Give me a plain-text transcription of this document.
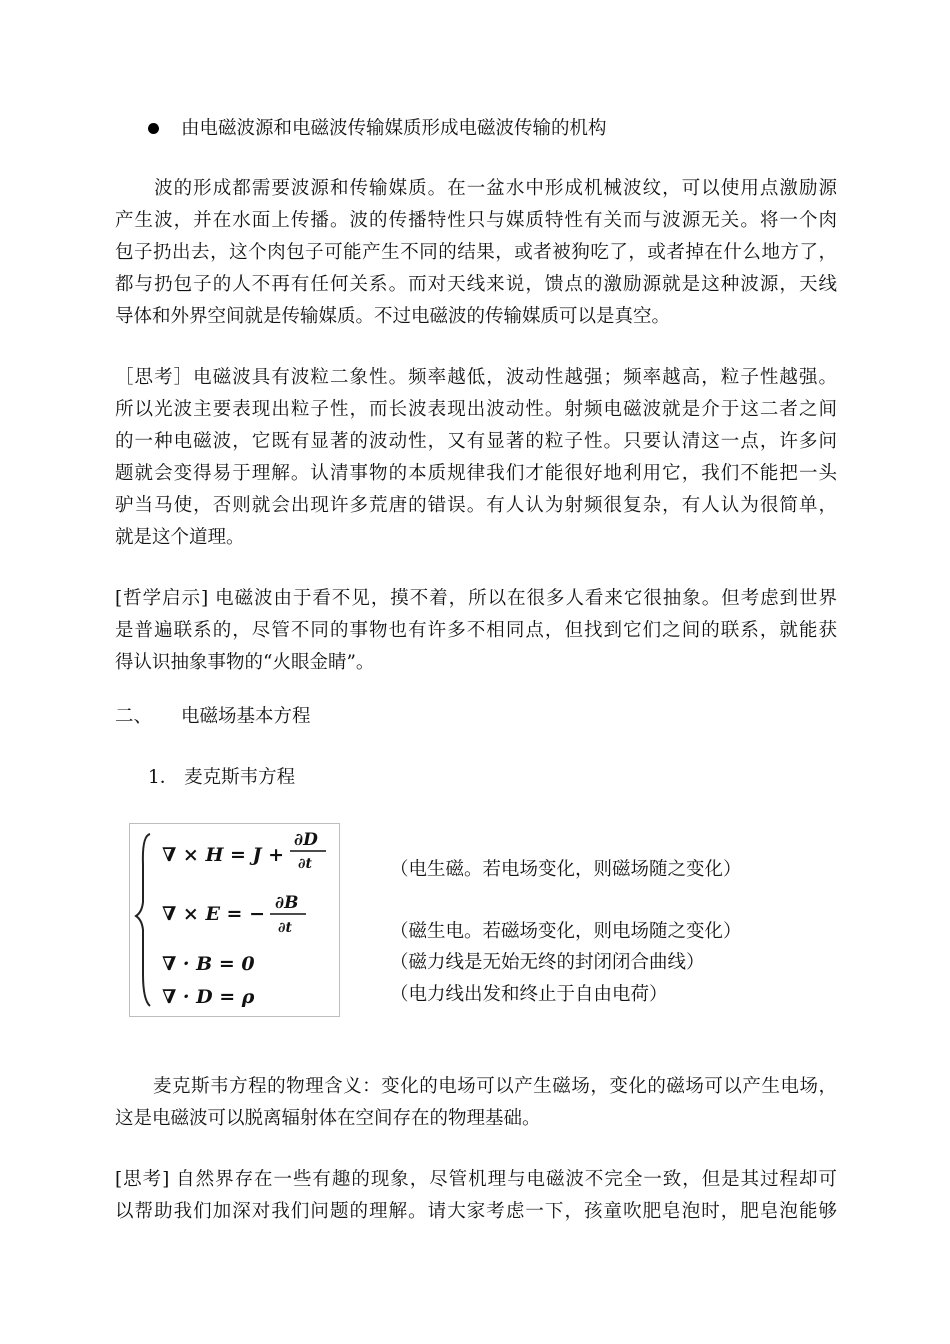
由电磁波源和电磁波传输媒质形成电磁波传输的机构
　　波的形成都需要波源和传输媒质。在一盆水中形成机械波纹，可以使用点激励源
产生波，并在水面上传播。波的传播特性只与媒质特性有关而与波源无关。将一个肉
包子扔出去，这个肉包子可能产生不同的结果，或者被狗吃了，或者掉在什么地方了，
都与扔包子的人不再有任何关系。而对天线来说，馈点的激励源就是这种波源，天线
导体和外界空间就是传输媒质。不过电磁波的传输媒质可以是真空。
［思考］电磁波具有波粒二象性。频率越低，波动性越强；频率越高，粒子性越强。
所以光波主要表现出粒子性，而长波表现出波动性。射频电磁波就是介于这二者之间
的一种电磁波，它既有显著的波动性，又有显著的粒子性。只要认清这一点，许多问
题就会变得易于理解。认清事物的本质规律我们才能很好地利用它，我们不能把一头
驴当马使，否则就会出现许多荒唐的错误。有人认为射频很复杂，有人认为很简单，
就是这个道理。
[哲学启示] 电磁波由于看不见，摸不着，所以在很多人看来它很抽象。但考虑到世界
是普遍联系的，尽管不同的事物也有许多不相同点，但找到它们之间的联系，就能获
得认识抽象事物的“火眼金睛”。
二、 电磁场基本方程
1． 麦克斯韦方程
∇ × H = J +
∂D
∂t
∇ × E = − ∂B
∂t
∇ · B = 0
∇ · D = ρ
（电生磁。若电场变化，则磁场随之变化）
（磁生电。若磁场变化，则电场随之变化）
（磁力线是无始无终的封闭闭合曲线）
（电力线出发和终止于自由电荷）
　　麦克斯韦方程的物理含义：变化的电场可以产生磁场，变化的磁场可以产生电场，
这是电磁波可以脱离辐射体在空间存在的物理基础。
[思考] 自然界存在一些有趣的现象，尽管机理与电磁波不完全一致，但是其过程却可
以帮助我们加深对我们问题的理解。请大家考虑一下，孩童吹肥皂泡时，肥皂泡能够
